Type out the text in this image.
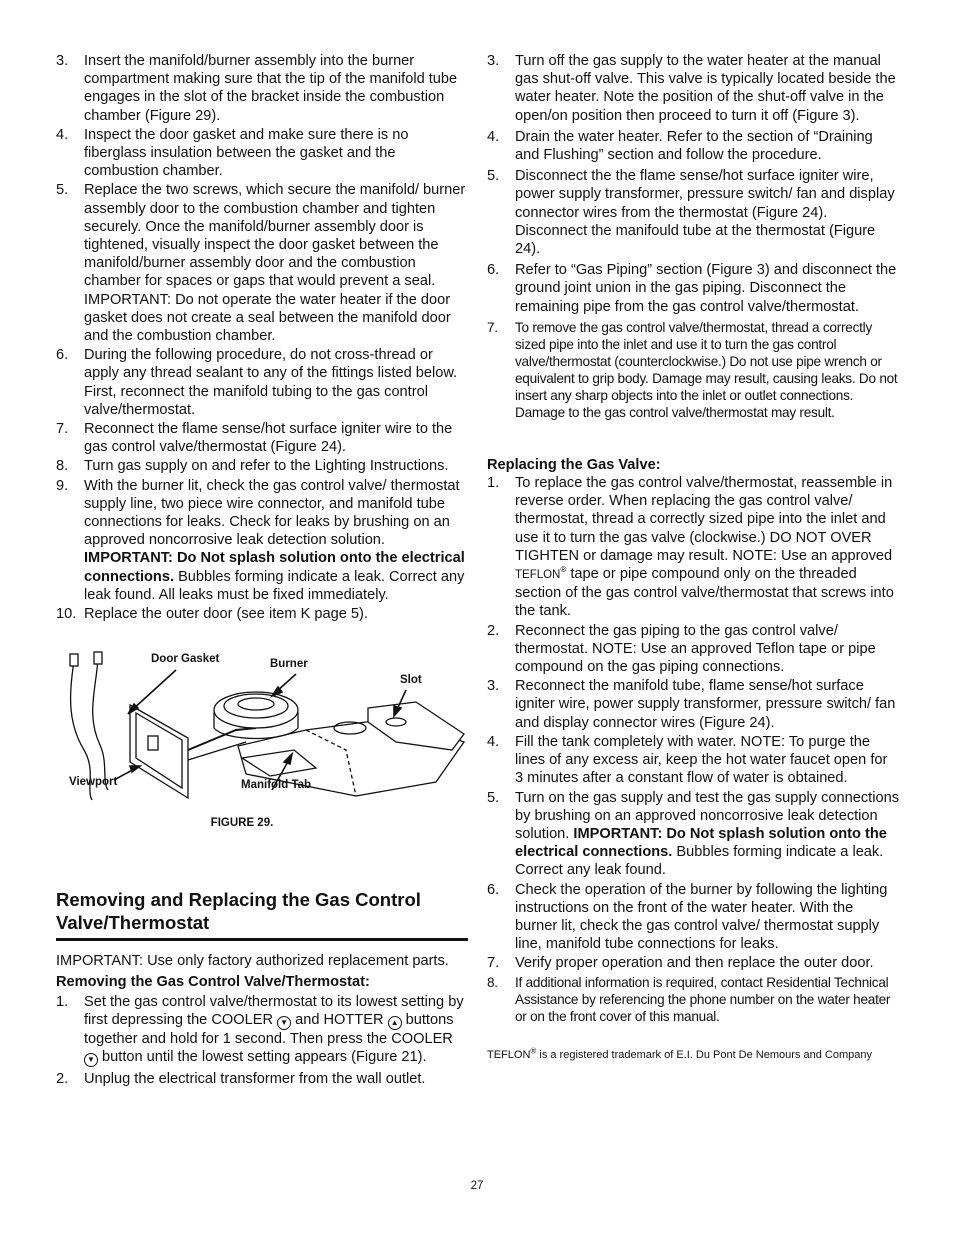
3. Insert the manifold/burner assembly into the burner compartment making sure that the tip of the manifold tube engages in the slot of the bracket inside the combustion chamber (Figure 29).
4. Inspect the door gasket and make sure there is no fiberglass insulation between the gasket and the combustion chamber.
5. Replace the two screws, which secure the manifold/ burner assembly door to the combustion chamber and tighten securely. Once the manifold/burner assembly door is tightened, visually inspect the door gasket between the manifold/burner assembly door and the combustion chamber for spaces or gaps that would prevent a seal. IMPORTANT: Do not operate the water heater if the door gasket does not create a seal between the manifold door and the combustion chamber.
6. During the following procedure, do not cross-thread or apply any thread sealant to any of the fittings listed below. First, reconnect the manifold tubing to the gas control valve/thermostat.
7. Reconnect the flame sense/hot surface igniter wire to the gas control valve/thermostat (Figure 24).
8. Turn gas supply on and refer to the Lighting Instructions.
9. With the burner lit, check the gas control valve/ thermostat supply line, two piece wire connector, and manifold tube connections for leaks. Check for leaks by brushing on an approved noncorrosive leak detection solution. IMPORTANT: Do Not splash solution onto the electrical connections. Bubbles forming indicate a leak. Correct any leak found. All leaks must be fixed immediately.
10. Replace the outer door (see item K page 5).
Door Gasket	Burner
Slot
Viewport	Manifold Tab
FIGURE 29.
Removing and Replacing the Gas Control Valve/Thermostat

IMPORTANT: Use only factory authorized replacement parts.

Removing the Gas Control Valve/Thermostat:

1. Set the gas control valve/thermostat to its lowest setting by first depressing the COOLER ▼ and HOTTER ▲ buttons together and hold for 1 second. Then press the COOLER ▼ button until the lowest setting appears (Figure 21).
2. Unplug the electrical transformer from the wall outlet.
3. Turn off the gas supply to the water heater at the manual gas shut-off valve. This valve is typically located beside the water heater. Note the position of the shut-off valve in the open/on position then proceed to turn it off (Figure 3).
4. Drain the water heater. Refer to the section of “Draining and Flushing” section and follow the procedure.
5. Disconnect the the flame sense/hot surface igniter wire, power supply transformer, pressure switch/ fan and display connector wires from the thermostat (Figure 24). Disconnect the manifould tube at the thermostat (Figure 24).
6. Refer to “Gas Piping” section (Figure 3) and disconnect the ground joint union in the gas piping. Disconnect the remaining pipe from the gas control valve/thermostat.
7. To remove the gas control valve/thermostat, thread a correctly sized pipe into the inlet and use it to turn the gas control valve/thermostat (counterclockwise.) Do not use pipe wrench or equivalent to grip body. Damage may result, causing leaks. Do not insert any sharp objects into the inlet or outlet connections. Damage to the gas control valve/thermostat may result.

Replacing the Gas Valve:

1. To replace the gas control valve/thermostat, reassemble in reverse order. When replacing the gas control valve/ thermostat, thread a correctly sized pipe into the inlet and use it to turn the gas valve (clockwise.) DO NOT OVER TIGHTEN or damage may result. NOTE: Use an approved TEFLON® tape or pipe compound only on the threaded section of the gas control valve/thermostat that screws into the tank.
2. Reconnect the gas piping to the gas control valve/ thermostat. NOTE: Use an approved Teflon tape or pipe compound on the gas piping connections.
3. Reconnect the manifold tube, flame sense/hot surface igniter wire, power supply transformer, pressure switch/ fan and display connector wires (Figure 24).
4. Fill the tank completely with water. NOTE: To purge the lines of any excess air, keep the hot water faucet open for 3 minutes after a constant flow of water is obtained.
5. Turn on the gas supply and test the gas supply connections by brushing on an approved noncorrosive leak detection solution. IMPORTANT: Do Not splash solution onto the electrical connections. Bubbles forming indicate a leak. Correct any leak found.
6. Check the operation of the burner by following the lighting instructions on the front of the water heater. With the burner lit, check the gas control valve/ thermostat supply line, manifold tube connections for leaks.
7. Verify proper operation and then replace the outer door.
8. If additional information is required, contact Residential Technical Assistance by referencing the phone number on the water heater or on the front cover of this manual.

TEFLON® is a registered trademark of E.I. Du Pont De Nemours and Company

27
